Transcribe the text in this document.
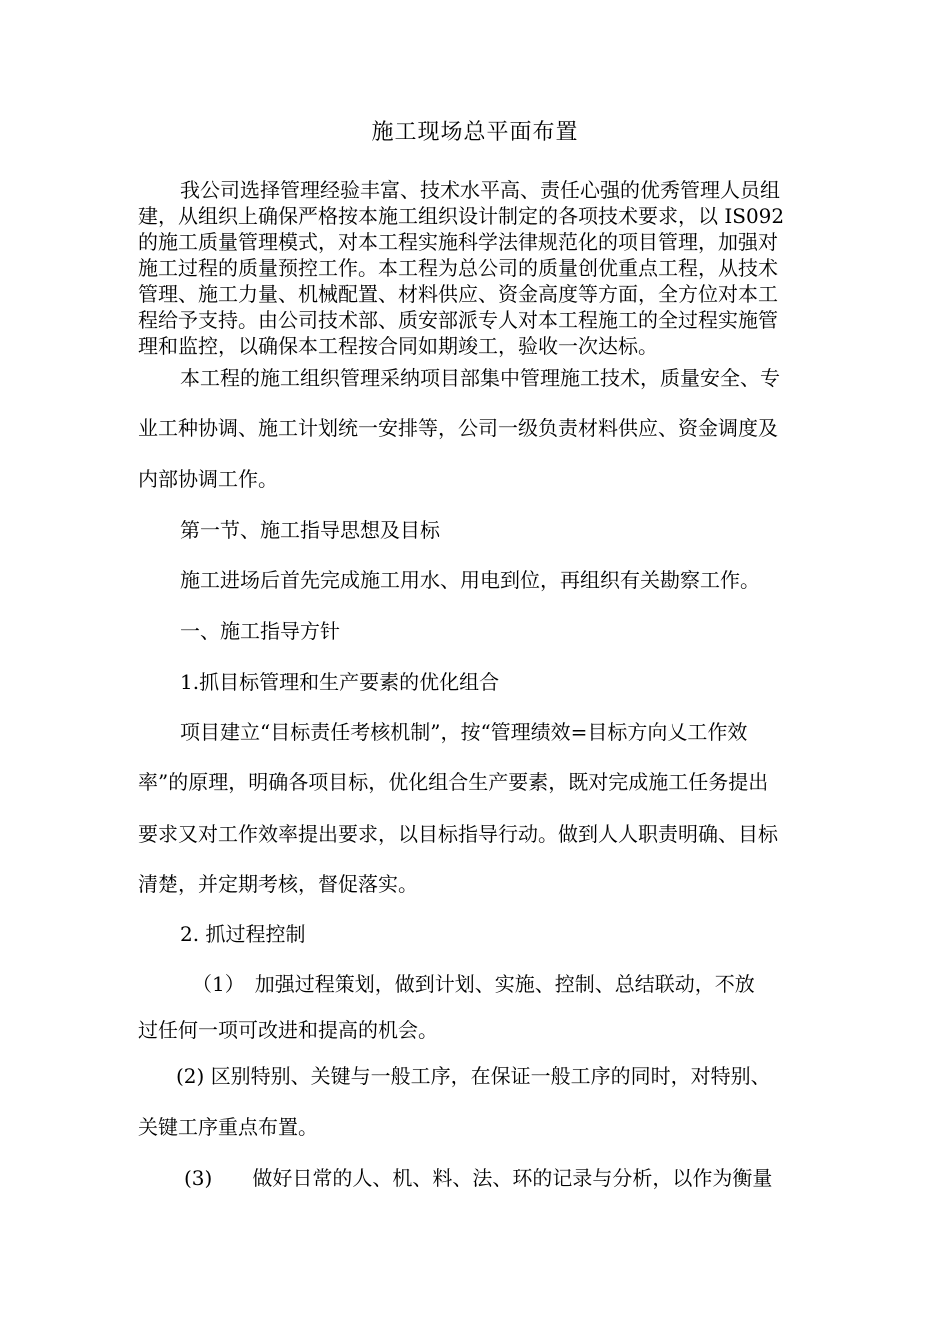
施工现场总平面布置
我公司选择管理经验丰富、技术水平高、责任心强的优秀管理人员组
建，从组织上确保严格按本施工组织设计制定的各项技术要求，以 IS092
的施工质量管理模式，对本工程实施科学法律规范化的项目管理，加强对
施工过程的质量预控工作。本工程为总公司的质量创优重点工程，从技术
管理、施工力量、机械配置、材料供应、资金高度等方面，全方位对本工
程给予支持。由公司技术部、质安部派专人对本工程施工的全过程实施管
理和监控，以确保本工程按合同如期竣工，验收一次达标。
本工程的施工组织管理采纳项目部集中管理施工技术，质量安全、专
业工种协调、施工计划统一安排等，公司一级负责材料供应、资金调度及
内部协调工作。
第一节、施工指导思想及目标
施工进场后首先完成施工用水、用电到位，再组织有关勘察工作。
一、施工指导方针
1.抓目标管理和生产要素的优化组合
项目建立“目标责任考核机制”，按“管理绩效=目标方向乂工作效
率”的原理，明确各项目标，优化组合生产要素，既对完成施工任务提出
要求又对工作效率提出要求，以目标指导行动。做到人人职责明确、目标
清楚，并定期考核，督促落实。
2. 抓过程控制
（1）　加强过程策划，做到计划、实施、控制、总结联动，不放
过任何一项可改进和提高的机会。
(2) 区别特别、关键与一般工序，在保证一般工序的同时，对特别、
关键工序重点布置。
(3)　　做好日常的人、机、料、法、环的记录与分析，以作为衡量
